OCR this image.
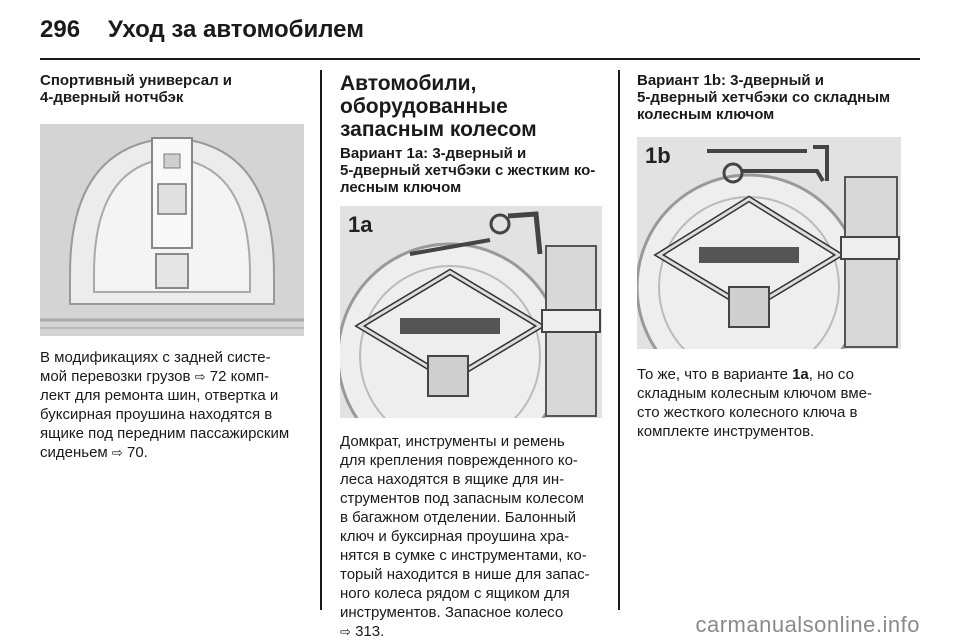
296 Уход за автомобилем

Спортивный универсал и
4-дверный нотчбэк

В модификациях с задней систе-
мой перевозки грузов ⇨ 72 комп-
лект для ремонта шин, отвертка и
буксирная проушина находятся в
ящике под передним пассажирским
сиденьем ⇨ 70.

Автомобили, оборудованные
запасным колесом

Вариант 1a: 3-дверный и
5-дверный хетчбэки с жестким ко-
лесным ключом

1a

Домкрат, инструменты и ремень
для крепления поврежденного ко-
леса находятся в ящике для ин-
струментов под запасным колесом
в багажном отделении. Балонный
ключ и буксирная проушина хра-
нятся в сумке с инструментами, ко-
торый находится в нише для запас-
ного колеса рядом с ящиком для
инструментов. Запасное колесо
⇨ 313.

Вариант 1b: 3-дверный и
5-дверный хетчбэки со складным
колесным ключом

1b

То же, что в варианте 1a, но со
складным колесным ключом вме-
сто жесткого колесного ключа в
комплекте инструментов.

carmanualsonline.info
